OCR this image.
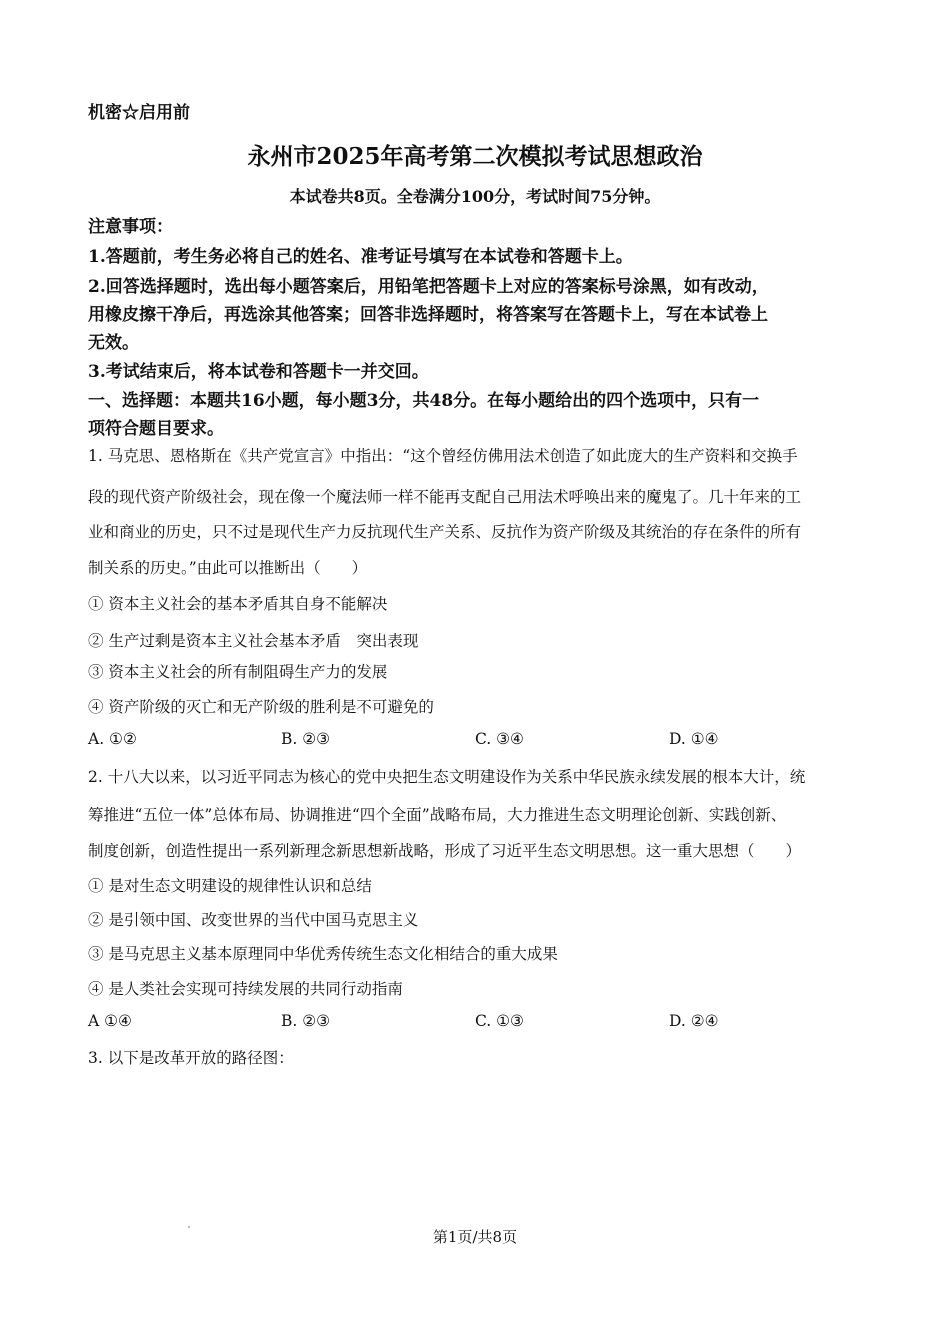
机密☆启用前
永州市2025年高考第二次模拟考试思想政治
本试卷共8页。全卷满分100分，考试时间75分钟。
注意事项：
1.答题前，考生务必将自己的姓名、准考证号填写在本试卷和答题卡上。
2.回答选择题时，选出每小题答案后，用铅笔把答题卡上对应的答案标号涂黑，如有改动，
用橡皮擦干净后，再选涂其他答案；回答非选择题时，将答案写在答题卡上，写在本试卷上
无效。
3.考试结束后，将本试卷和答题卡一并交回。
一、选择题：本题共16小题，每小题3分，共48分。在每小题给出的四个选项中，只有一
项符合题目要求。
1. 马克思、恩格斯在《共产党宣言》中指出：“这个曾经仿佛用法术创造了如此庞大的生产资料和交换手
段的现代资产阶级社会，现在像一个魔法师一样不能再支配自己用法术呼唤出来的魔鬼了。几十年来的工
业和商业的历史，只不过是现代生产力反抗现代生产关系、反抗作为资产阶级及其统治的存在条件的所有
制关系的历史。”由此可以推断出（　　）
① 资本主义社会的基本矛盾其自身不能解决
② 生产过剩是资本主义社会基本矛盾　突出表现
③ 资本主义社会的所有制阻碍生产力的发展
④ 资产阶级的灭亡和无产阶级的胜利是不可避免的
A. ①②	B. ②③	C. ③④	D. ①④
2. 十八大以来，以习近平同志为核心的党中央把生态文明建设作为关系中华民族永续发展的根本大计，统
筹推进“五位一体”总体布局、协调推进“四个全面”战略布局，大力推进生态文明理论创新、实践创新、
制度创新，创造性提出一系列新理念新思想新战略，形成了习近平生态文明思想。这一重大思想（　　）
① 是对生态文明建设的规律性认识和总结
② 是引领中国、改变世界的当代中国马克思主义
③ 是马克思主义基本原理同中华优秀传统生态文化相结合的重大成果
④ 是人类社会实现可持续发展的共同行动指南
A ①④	B. ②③	C. ①③	D. ②④
3. 以下是改革开放的路径图：
第1页/共8页
